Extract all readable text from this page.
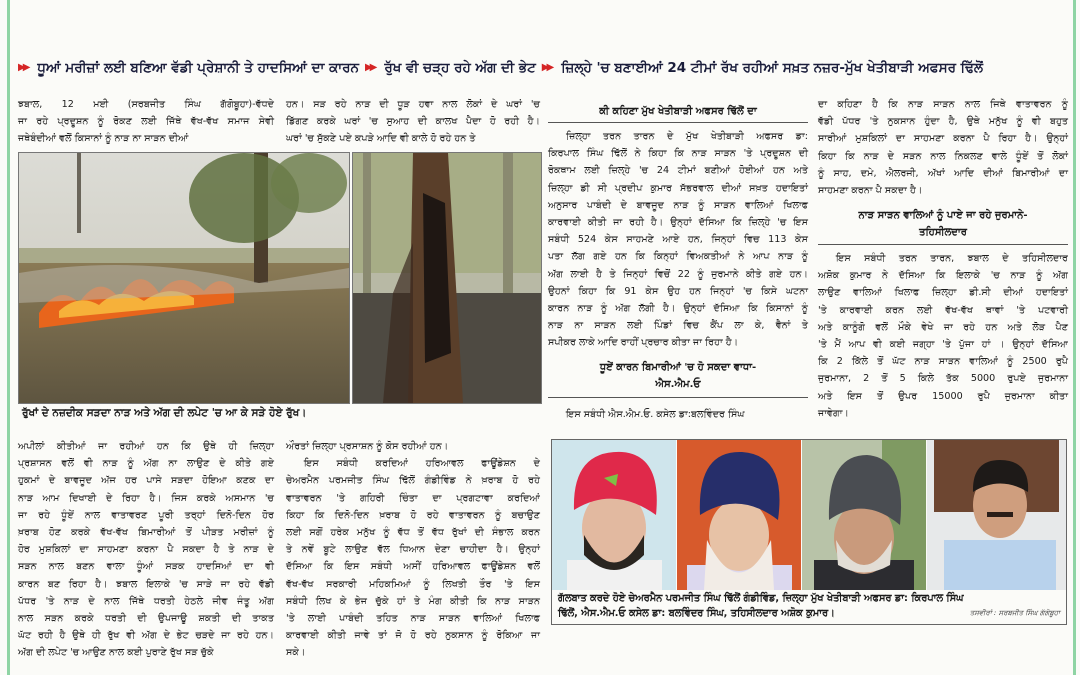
▶▶ ਧੂਆਂ ਮਰੀਜ਼ਾਂ ਲਈ ਬਣਿਆ ਵੱਡੀ ਪ੍ਰੇਸ਼ਾਨੀ ਤੇ ਹਾਦਸਿਆਂ ਦਾ ਕਾਰਨ ▶▶ ਰੁੱਖ ਵੀ ਚੜ੍ਹ ਰਹੇ ਅੱਗ ਦੀ ਭੇਟ ▶▶ ਜ਼ਿਲ੍ਹੇ 'ਚ ਬਣਾਈਆਂ 24 ਟੀਮਾਂ ਰੱਖ ਰਹੀਆਂ ਸਖ਼ਤ ਨਜ਼ਰ-ਮੁੱਖ ਖੇਤੀਬਾੜੀ ਅਫਸਰ ਢਿੱਲੋਂ
ਝਬਾਲ, 12 ਮਈ (ਸਰਬਜੀਤ ਸਿੰਘ ਗੱਗੋਬੂਹਾ)-ਵੱਧਦੇ
ਜਾ ਰਹੇ ਪ੍ਰਦੂਸ਼ਨ ਨੂੰ ਰੋਕਣ ਲਈ ਜਿੱਥੇ ਵੱਖ-ਵੱਖ ਸਮਾਜ ਸੇਵੀ
ਜਥੇਬੰਦੀਆਂ ਵਲੋਂ ਕਿਸਾਨਾਂ ਨੂੰ ਨਾੜ ਨਾ ਸਾੜਨ ਦੀਆਂ
ਹਨ। ਸੜ ਰਹੇ ਨਾੜ ਦੀ ਧੂੜ ਹਵਾ ਨਾਲ ਲੋਕਾਂ ਦੇ ਘਰਾਂ 'ਚ
ਡਿੱਗਣ ਕਰਕੇ ਘਰਾਂ 'ਚ ਸੁਆਹ ਦੀ ਕਾਲਖ ਪੈਦਾ ਹੋ ਰਹੀ ਹੈ।
ਘਰਾਂ 'ਚ ਸੁੱਕਣੇ ਪਏ ਕਪੜੇ ਆਦਿ ਵੀ ਕਾਲੇ ਹੋ ਰਹੇ ਹਨ ਤੇ
ਰੁੱਖਾਂ ਦੇ ਨਜ਼ਦੀਕ ਸੜਦਾ ਨਾੜ ਅਤੇ ਅੱਗ ਦੀ ਲਪੇਟ 'ਚ ਆ ਕੇ ਸੜੇ ਹੋਏ ਰੁੱਖ।
ਅਪੀਲਾਂ ਕੀਤੀਆਂ ਜਾ ਰਹੀਆਂ ਹਨ ਕਿ ਉਥੇ ਹੀ ਜ਼ਿਲ੍ਹਾ
ਪ੍ਰਸ਼ਾਸਨ ਵਲੋਂ ਵੀ ਨਾੜ ਨੂੰ ਅੱਗ ਨਾ ਲਾਉਣ ਦੇ ਕੀਤੇ ਗਏ
ਹੁਕਮਾਂ ਦੇ ਬਾਵਜੂਦ ਅੱਜ ਹਰ ਪਾਸੇ ਸੜਦਾ ਹੋਇਆ ਕਣਕ ਦਾ
ਨਾੜ ਆਮ ਦਿਖਾਈ ਦੇ ਰਿਹਾ ਹੈ। ਜਿਸ ਕਰਕੇ ਅਸਮਾਨ 'ਚ
ਜਾ ਰਹੇ ਧੂੰਏਂ ਨਾਲ ਵਾਤਾਵਰਣ ਪੂਰੀ ਤਰ੍ਹਾਂ ਦਿਨੋ-ਦਿਨ ਹੋਰ
ਖ਼ਰਾਬ ਹੋਣ ਕਰਕੇ ਵੱਖ-ਵੱਖ ਬਿਮਾਰੀਆਂ ਤੋਂ ਪੀੜਤ ਮਰੀਜ਼ਾਂ ਨੂੰ
ਹੋਰ ਮੁਸ਼ਕਿਲਾਂ ਦਾ ਸਾਹਮਣਾ ਕਰਨਾ ਪੈ ਸਕਦਾ ਹੈ ਤੇ ਨਾੜ ਦੇ
ਸੜਨ ਨਾਲ ਬਣਨ ਵਾਲਾ ਧੂੰਆਂ ਸੜਕ ਹਾਦਸਿਆਂ ਦਾ ਵੀ
ਕਾਰਨ ਬਣ ਰਿਹਾ ਹੈ। ਝਬਾਲ ਇਲਾਕੇ 'ਚ ਸਾੜੇ ਜਾ ਰਹੇ ਵੱਡੀ
ਪੱਧਰ 'ਤੇ ਨਾੜ ਦੇ ਨਾਲ ਜਿੱਥੇ ਧਰਤੀ ਹੇਠਲੇ ਜੀਵ ਜੰਤੂ ਅੱਗ
ਨਾਲ ਸੜਨ ਕਰਕੇ ਧਰਤੀ ਦੀ ਉਪਜਾਊ ਸ਼ਕਤੀ ਦੀ ਤਾਕਤ
ਘੱਟ ਰਹੀ ਹੈ ਉਥੇ ਹੀ ਰੁੱਖ ਵੀ ਅੱਗ ਦੇ ਭੇਟ ਚੜਦੇ ਜਾ ਰਹੇ ਹਨ।
ਅੱਗ ਦੀ ਲਪੇਟ 'ਚ ਆਉਣ ਨਾਲ ਕਈ ਪੁਰਾਣੇ ਰੁੱਖ ਸੜ ਚੁੱਕੇ
ਔਰਤਾਂ ਜ਼ਿਲ੍ਹਾ ਪ੍ਰਸਾਸ਼ਨ ਨੂੰ ਕੋਸ ਰਹੀਆਂ ਹਨ।
ਇਸ ਸਬੰਧੀ ਕਰਦਿਆਂ ਹਰਿਆਵਲ ਫਾਊਂਡੇਸ਼ਨ ਦੇ
ਚੇਅਰਮੈਨ ਪਰਮਜੀਤ ਸਿੰਘ ਢਿੱਲੋਂ ਗੰਡੀਵਿੰਡ ਨੇ ਖ਼ਰਾਬ ਹੋ ਰਹੇ
ਵਾਤਾਵਰਨ 'ਤੇ ਗਹਿਰੀ ਚਿੰਤਾ ਦਾ ਪ੍ਰਗਟਾਵਾ ਕਰਦਿਆਂ
ਕਿਹਾ ਕਿ ਦਿਨੋ-ਦਿਨ ਖ਼ਰਾਬ ਹੋ ਰਹੇ ਵਾਤਾਵਰਨ ਨੂੰ ਬਚਾਉਣ
ਲਈ ਸਗੋਂ ਹਰੇਕ ਮਨੁੱਖ ਨੂੰ ਵੱਧ ਤੋਂ ਵੱਧ ਰੁੱਖਾਂ ਦੀ ਸੰਭਾਲ ਕਰਨ
ਤੇ ਨਵੇਂ ਬੂਟੇ ਲਾਉਣ ਵੱਲ ਧਿਆਨ ਦੇਣਾ ਚਾਹੀਦਾ ਹੈ। ਉਨ੍ਹਾਂ
ਦੱਸਿਆ ਕਿ ਇਸ ਸਬੰਧੀ ਅਸੀਂ ਹਰਿਆਵਲ ਫਾਊਂਡੇਸ਼ਨ ਵਲੋਂ
ਵੱਖ-ਵੱਖ ਸਰਕਾਰੀ ਮਹਿਕਮਿਆਂ ਨੂੰ ਲਿਖਤੀ ਤੌਰ 'ਤੇ ਇਸ
ਸਬੰਧੀ ਲਿਖ ਕੇ ਭੇਜ ਚੁੱਕੇ ਹਾਂ ਤੇ ਮੰਗ ਕੀਤੀ ਕਿ ਨਾੜ ਸਾੜਨ
'ਤੇ ਲਾਈ ਪਾਬੰਦੀ ਤਹਿਤ ਨਾੜ ਸਾੜਨ ਵਾਲਿਆਂ ਖਿਲਾਫ
ਕਾਰਵਾਈ ਕੀਤੀ ਜਾਵੇ ਤਾਂ ਜੋ ਹੋ ਰਹੇ ਨੁਕਸਾਨ ਨੂੰ ਰੋਕਿਆ ਜਾ
ਸਕੇ।
ਕੀ ਕਹਿਣਾ ਮੁੱਖ ਖੇਤੀਬਾੜੀ ਅਫਸਰ ਢਿੱਲੋਂ ਦਾ
ਜ਼ਿਲ੍ਹਾ ਤਰਨ ਤਾਰਨ ਦੇ ਮੁੱਖ ਖੇਤੀਬਾੜੀ ਅਫਸਰ ਡਾ:
ਕਿਰਪਾਲ ਸਿੰਘ ਢਿੱਲੋਂ ਨੇ ਕਿਹਾ ਕਿ ਨਾੜ ਸਾੜਨ 'ਤੇ ਪ੍ਰਦੂਸ਼ਨ ਦੀ
ਰੋਕਥਾਮ ਲਈ ਜ਼ਿਲ੍ਹੇ 'ਚ 24 ਟੀਮਾਂ ਬਣੀਆਂ ਹੋਈਆਂ ਹਨ ਅਤੇ
ਜ਼ਿਲ੍ਹਾ ਡੀ ਸੀ ਪ੍ਰਦੀਪ ਕੁਮਾਰ ਸੱਭਰਵਾਲ ਦੀਆਂ ਸਖ਼ਤ ਹਦਾਇਤਾਂ
ਅਨੁਸਾਰ ਪਾਬੰਦੀ ਦੇ ਬਾਵਜੂਦ ਨਾੜ ਨੂੰ ਸਾੜਨ ਵਾਲਿਆਂ ਖਿਲਾਫ
ਕਾਰਵਾਈ ਕੀਤੀ ਜਾ ਰਹੀ ਹੈ। ਉਨ੍ਹਾਂ ਦੱਸਿਆ ਕਿ ਜ਼ਿਲ੍ਹੇ 'ਚ ਇਸ
ਸਬੰਧੀ 524 ਕੇਸ ਸਾਹਮਣੇ ਆਏ ਹਨ, ਜਿਨ੍ਹਾਂ ਵਿਚ 113 ਕੇਸ
ਪਤਾ ਲੱਗ ਗਏ ਹਨ ਕਿ ਕਿਨ੍ਹਾਂ ਵਿਅਕਤੀਆਂ ਨੇ ਆਪ ਨਾੜ ਨੂੰ
ਅੱਗ ਲਾਈ ਹੈ ਤੇ ਜਿਨ੍ਹਾਂ ਵਿਚੋਂ 22 ਨੂੰ ਜੁਰਮਾਨੇ ਕੀਤੇ ਗਏ ਹਨ।
ਉਹਨਾਂ ਕਿਹਾ ਕਿ 91 ਕੇਸ ਉਹ ਹਨ ਜਿਨ੍ਹਾਂ 'ਚ ਕਿਸੇ ਘਟਨਾ
ਕਾਰਨ ਨਾੜ ਨੂੰ ਅੱਗ ਲੱਗੀ ਹੈ। ਉਨ੍ਹਾਂ ਦੱਸਿਆ ਕਿ ਕਿਸਾਨਾਂ ਨੂੰ
ਨਾੜ ਨਾ ਸਾੜਨ ਲਈ ਪਿੰਡਾਂ ਵਿਚ ਕੈਂਪ ਲਾ ਕੇ, ਵੈਨਾਂ ਤੇ
ਸਪੀਕਰ ਲਾਕੇ ਆਦਿ ਰਾਹੀਂ ਪ੍ਰਚਾਰ ਕੀਤਾ ਜਾ ਰਿਹਾ ਹੈ।
ਧੂਏਂ ਕਾਰਨ ਬਿਮਾਰੀਆਂ 'ਚ ਹੋ ਸਕਦਾ ਵਾਧਾ-
ਐਸ.ਐਮ.ਓ
ਇਸ ਸਬੰਧੀ ਐਸ.ਐਮ.ਓ. ਕਸੇਲ ਡਾ:ਬਲਵਿੰਦਰ ਸਿੰਘ
ਦਾ ਕਹਿਣਾ ਹੈ ਕਿ ਨਾੜ ਸਾੜਨ ਨਾਲ ਜਿਥੇ ਵਾਤਾਵਰਨ ਨੂੰ
ਵੱਡੀ ਪੱਧਰ 'ਤੇ ਨੁਕਸਾਨ ਹੁੰਦਾ ਹੈ, ਉਥੇ ਮਨੁੱਖ ਨੂੰ ਵੀ ਬਹੁਤ
ਸਾਰੀਆਂ ਮੁਸ਼ਕਿਲਾਂ ਦਾ ਸਾਹਮਣਾ ਕਰਨਾ ਪੈ ਰਿਹਾ ਹੈ। ਉਨ੍ਹਾਂ
ਕਿਹਾ ਕਿ ਨਾੜ ਦੇ ਸੜਨ ਨਾਲ ਨਿਕਲਣ ਵਾਲੇ ਧੂੰਏਂ ਤੋਂ ਲੋਕਾਂ
ਨੂੰ ਸਾਹ, ਦਮੇ, ਐਲਰਜੀ, ਅੱਖਾਂ ਆਦਿ ਦੀਆਂ ਬਿਮਾਰੀਆਂ ਦਾ
ਸਾਹਮਣਾ ਕਰਨਾ ਪੈ ਸਕਦਾ ਹੈ।
ਨਾੜ ਸਾੜਨ ਵਾਲਿਆਂ ਨੂੰ ਪਾਏ ਜਾ ਰਹੇ ਜੁਰਮਾਨੇ-
ਤਹਿਸੀਲਦਾਰ
ਇਸ ਸਬੰਧੀ ਤਰਨ ਤਾਰਨ, ਝਬਾਲ ਦੇ ਤਹਿਸੀਲਦਾਰ
ਅਸ਼ੋਕ ਕੁਮਾਰ ਨੇ ਦੱਸਿਆ ਕਿ ਇਲਾਕੇ 'ਚ ਨਾੜ ਨੂੰ ਅੱਗ
ਲਾਉਣ ਵਾਲਿਆਂ ਖਿਲਾਫ ਜ਼ਿਲ੍ਹਾ ਡੀ.ਸੀ ਦੀਆਂ ਹਦਾਇਤਾਂ
'ਤੇ ਕਾਰਵਾਈ ਕਰਨ ਲਈ ਵੱਖ-ਵੱਖ ਥਾਵਾਂ 'ਤੇ ਪਟਵਾਰੀ
ਅਤੇ ਕਾਨੂੰਗੋ ਵਲੋਂ ਮੌਕੇ ਵੇਖੇ ਜਾ ਰਹੇ ਹਨ ਅਤੇ ਲੋੜ ਪੈਣ
'ਤੇ ਮੈਂ ਆਪ ਵੀ ਕਈ ਜਗ੍ਹਾ 'ਤੇ ਪੁੱਜਾ ਹਾਂ । ਉਨ੍ਹਾਂ ਦੱਸਿਆ
ਕਿ 2 ਕਿੱਲੇ ਤੋਂ ਘੱਟ ਨਾੜ ਸਾੜਨ ਵਾਲਿਆਂ ਨੂੰ 2500 ਰੁਪੈ
ਜੁਰਮਾਨਾ, 2 ਤੋਂ 5 ਕਿਲੇ ਤੱਕ 5000 ਰੁਪਏ ਜੁਰਮਾਨਾ
ਅਤੇ ਇਸ ਤੋਂ ਉਪਰ 15000 ਰੁਪੈ ਜੁਰਮਾਨਾ ਕੀਤਾ
ਜਾਵੇਗਾ।
ਗੱਲਬਾਤ ਕਰਦੇ ਹੋਏ ਚੇਅਰਮੈਨ ਪਰਮਜੀਤ ਸਿੰਘ ਢਿੱਲੋਂ ਗੰਡੀਵਿੰਡ, ਜ਼ਿਲ੍ਹਾ ਮੁੱਖ ਖੇਤੀਬਾੜੀ ਅਫਸਰ ਡਾ: ਕਿਰਪਾਲ ਸਿੰਘ
ਢਿੱਲੋਂ, ਐਸ.ਐਮ.ਓ ਕਸੇਲ ਡਾ: ਬਲਵਿੰਦਰ ਸਿੰਘ, ਤਹਿਸੀਲਦਾਰ ਅਸ਼ੋਕ ਕੁਮਾਰ।	ਤਸਵੀਰਾਂ : ਸਰਬਜੀਤ ਸਿੰਘ ਗੱਗੋਬੂਹਾ
